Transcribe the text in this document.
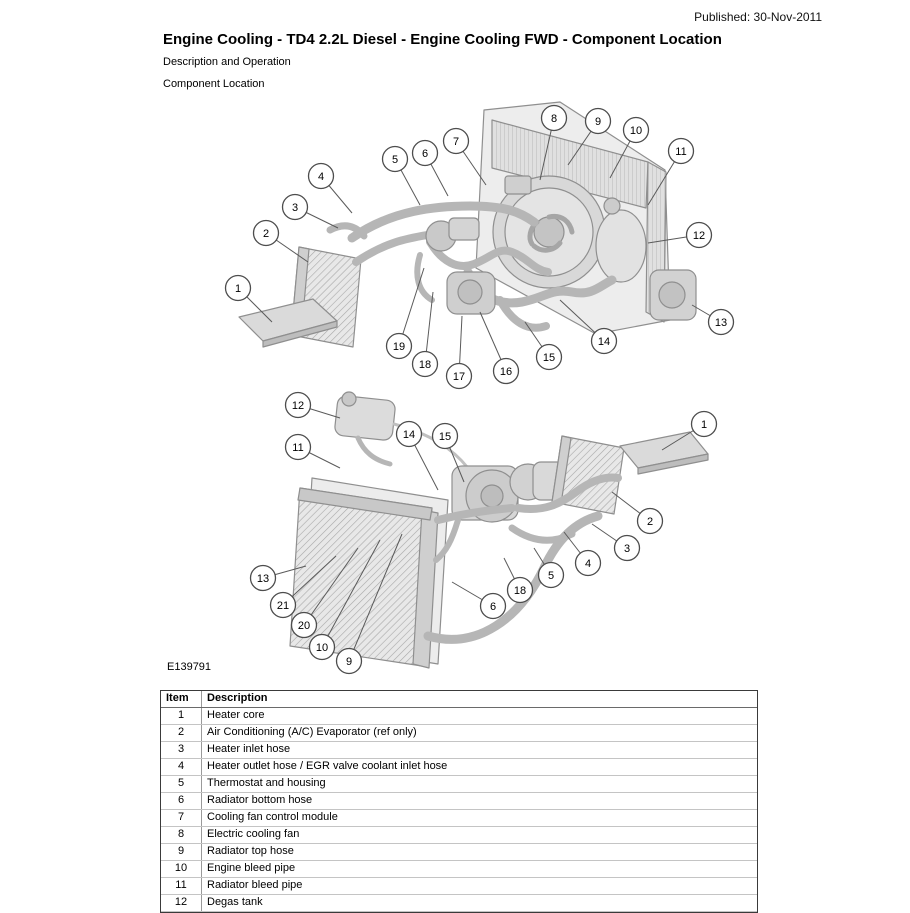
1
2
3
4
5 6
7
8	9
10
11
12
13
14
15
16
17
18
19
12
14 15
11
1
2
3
4
5
18
6
13
21
20
10
9
Published: 30-Nov-2011
Engine Cooling - TD4 2.2L Diesel - Engine Cooling FWD - Component Location
Description and Operation
Component Location
E139791
Item	Description
1	Heater core
2	Air Conditioning (A/C) Evaporator (ref only)
3	Heater inlet hose
4	Heater outlet hose / EGR valve coolant inlet hose
5	Thermostat and housing
6	Radiator bottom hose
7	Cooling fan control module
8	Electric cooling fan
9	Radiator top hose
10	Engine bleed pipe
11	Radiator bleed pipe
12	Degas tank
